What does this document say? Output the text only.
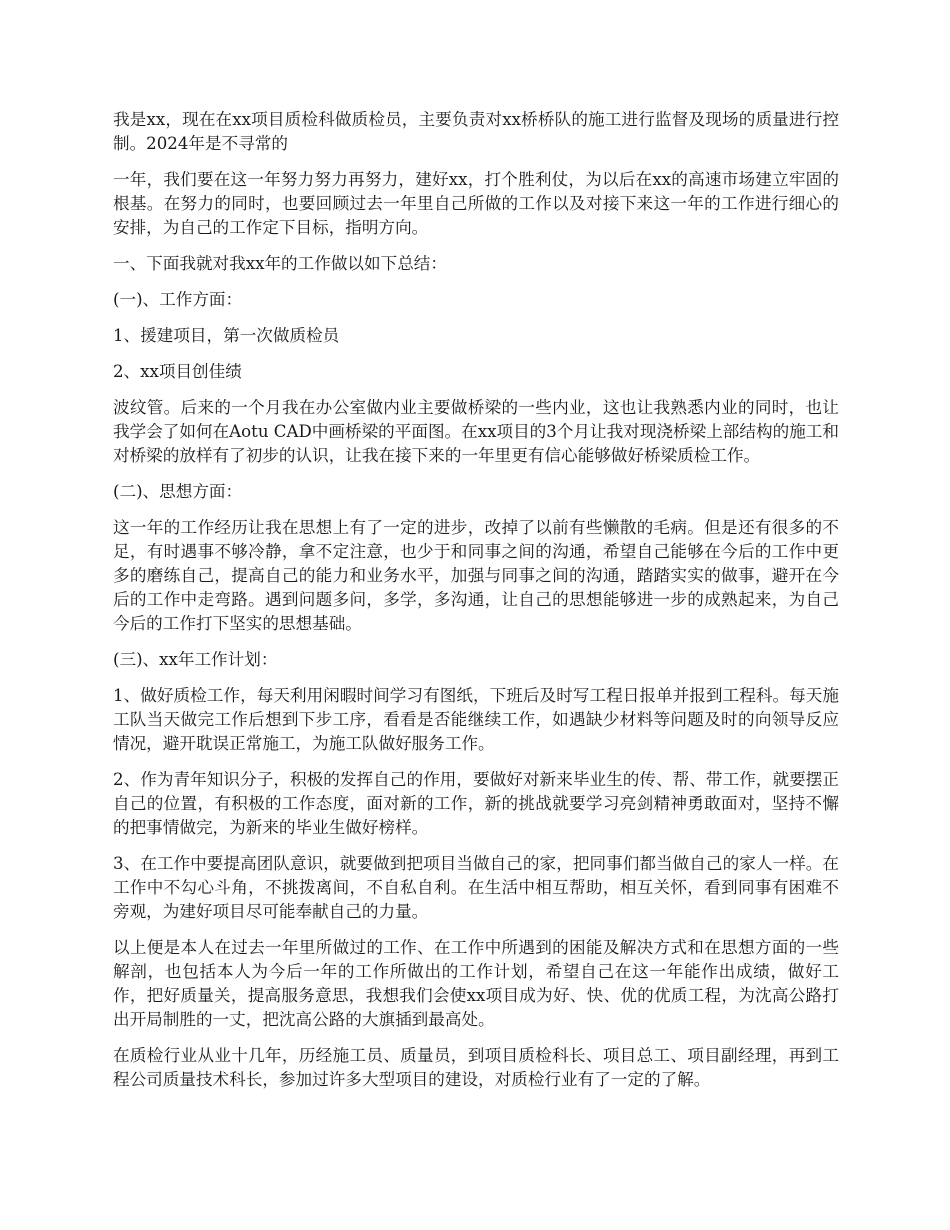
我是xx，现在在xx项目质检科做质检员，主要负责对xx桥桥队的施工进行监督及现场的质量进行控制。2024年是不寻常的

一年，我们要在这一年努力努力再努力，建好xx，打个胜利仗，为以后在xx的高速市场建立牢固的根基。在努力的同时，也要回顾过去一年里自己所做的工作以及对接下来这一年的工作进行细心的安排，为自己的工作定下目标，指明方向。

一、下面我就对我xx年的工作做以如下总结：

(一)、工作方面：

1、援建项目，第一次做质检员

2、xx项目创佳绩

波纹管。后来的一个月我在办公室做内业主要做桥梁的一些内业，这也让我熟悉内业的同时，也让我学会了如何在Aotu CAD中画桥梁的平面图。在xx项目的3个月让我对现浇桥梁上部结构的施工和对桥梁的放样有了初步的认识，让我在接下来的一年里更有信心能够做好桥梁质检工作。

(二)、思想方面：

这一年的工作经历让我在思想上有了一定的进步，改掉了以前有些懒散的毛病。但是还有很多的不足，有时遇事不够冷静，拿不定注意，也少于和同事之间的沟通，希望自己能够在今后的工作中更多的磨练自己，提高自己的能力和业务水平，加强与同事之间的沟通，踏踏实实的做事，避开在今后的工作中走弯路。遇到问题多问，多学，多沟通，让自己的思想能够进一步的成熟起来，为自己今后的工作打下坚实的思想基础。

(三)、xx年工作计划：

1、做好质检工作，每天利用闲暇时间学习有图纸，下班后及时写工程日报单并报到工程科。每天施工队当天做完工作后想到下步工序，看看是否能继续工作，如遇缺少材料等问题及时的向领导反应情况，避开耽误正常施工，为施工队做好服务工作。

2、作为青年知识分子，积极的发挥自己的作用，要做好对新来毕业生的传、帮、带工作，就要摆正自己的位置，有积极的工作态度，面对新的工作，新的挑战就要学习亮剑精神勇敢面对，坚持不懈的把事情做完，为新来的毕业生做好榜样。

3、在工作中要提高团队意识，就要做到把项目当做自己的家，把同事们都当做自己的家人一样。在工作中不勾心斗角，不挑拨离间，不自私自利。在生活中相互帮助，相互关怀，看到同事有困难不旁观，为建好项目尽可能奉献自己的力量。

以上便是本人在过去一年里所做过的工作、在工作中所遇到的困能及解决方式和在思想方面的一些解剖，也包括本人为今后一年的工作所做出的工作计划，希望自己在这一年能作出成绩，做好工作，把好质量关，提高服务意思，我想我们会使xx项目成为好、快、优的优质工程，为沈高公路打出开局制胜的一丈，把沈高公路的大旗插到最高处。

在质检行业从业十几年，历经施工员、质量员，到项目质检科长、项目总工、项目副经理，再到工程公司质量技术科长，参加过许多大型项目的建设，对质检行业有了一定的了解。
